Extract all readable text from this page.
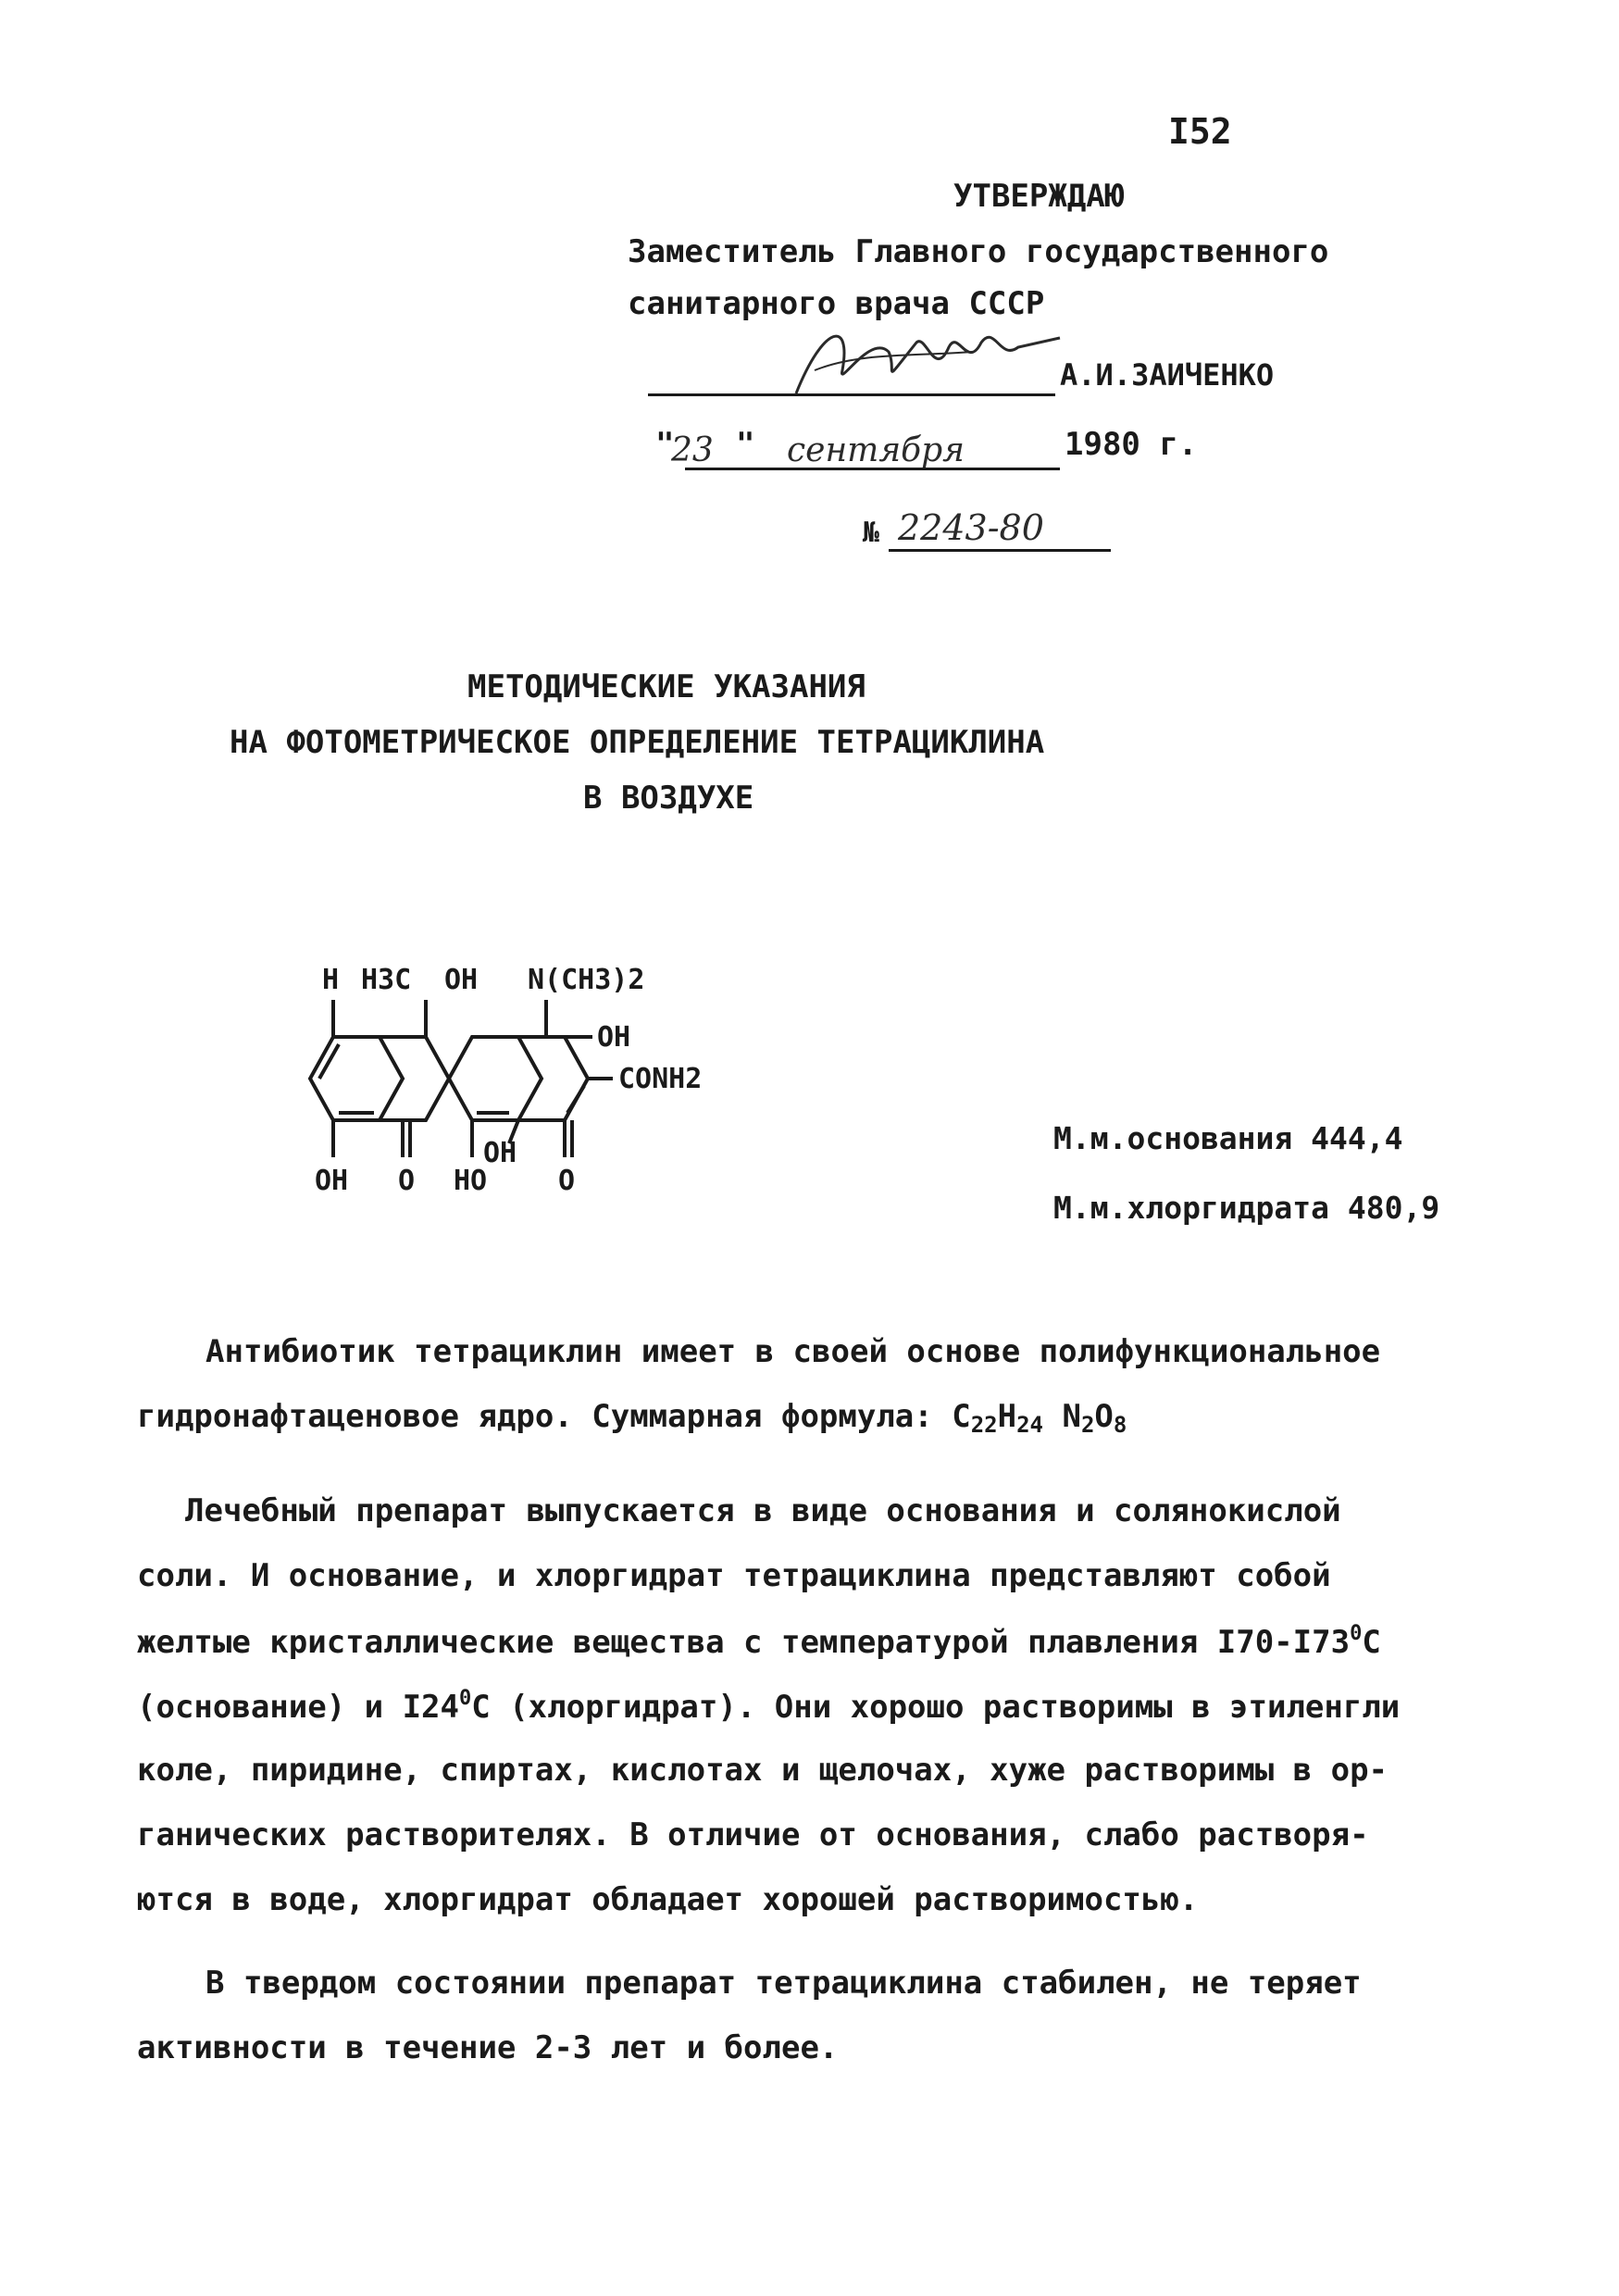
I52
УТВЕРЖДАЮ
Заместитель Главного государственного
санитарного врача СССР
А.И.ЗАИЧЕНКО
"
23 " сентября	1980 г.
№ 2243-80
МЕТОДИЧЕСКИЕ УКАЗАНИЯ
НА ФОТОМЕТРИЧЕСКОЕ ОПРЕДЕЛЕНИЕ ТЕТРАЦИКЛИНА
В ВОЗДУХЕ
H H3C OH N(CH3)2
OH
CONH2
OH O HO
OH
O
М.м.основания 444,4
М.м.хлоргидрата 480,9
Антибиотик тетрациклин имеет в своей основе полифункциональное
гидронафтаценовое ядро. Суммарная формула: $C_{22}H_{24}$ $N_2O_8$
Лечебный препарат выпускается в виде основания и солянокислой
соли. И основание, и хлоргидрат тетрациклина представляют собой
желтые кристаллические вещества с температурой плавления $I70-I73^0С$
(основание) и $I24^0С$ (хлоргидрат). Они хорошо растворимы в этиленгли
коле, пиридине, спиртах, кислотах и щелочах, хуже растворимы в ор-
ганических растворителях. В отличие от основания, слабо растворя-
ются в воде, хлоргидрат обладает хорошей растворимостью.
В твердом состоянии препарат тетрациклина стабилен, не теряет
активности в течение 2-3 лет и более.
